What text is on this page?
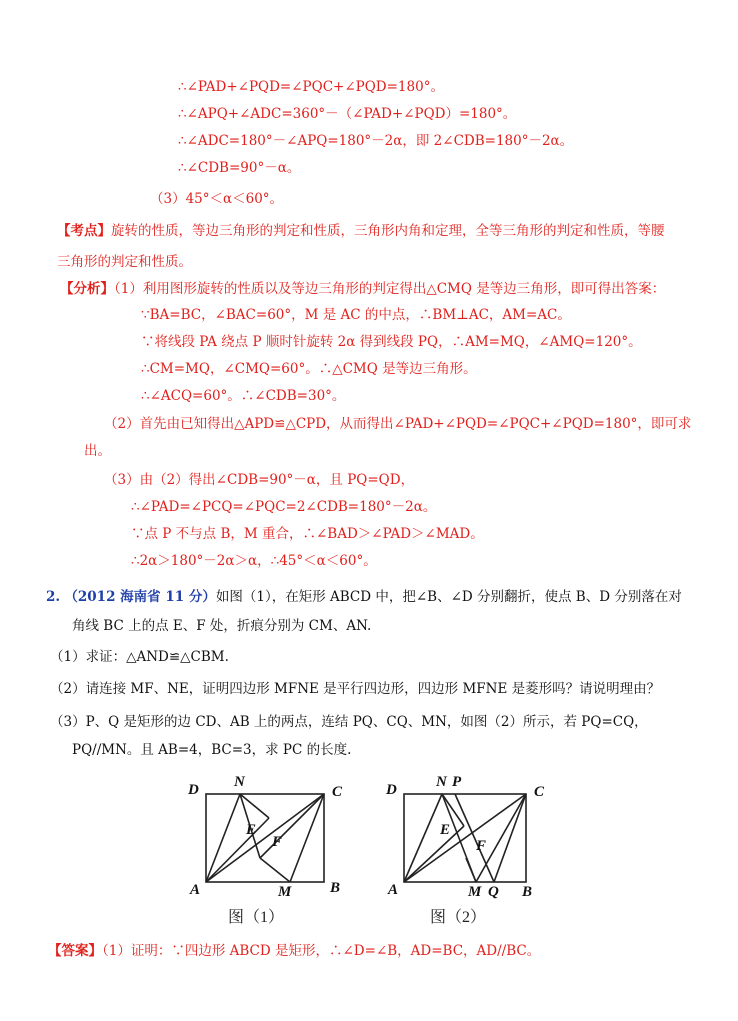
∴∠PAD+∠PQD=∠PQC+∠PQD=180°。
∴∠APQ+∠ADC=360°－（∠PAD+∠PQD）=180°。
∴∠ADC=180°－∠APQ=180°－2α，即 2∠CDB=180°－2α。
∴∠CDB=90°－α。
（3）45°＜α＜60°。
【考点】旋转的性质，等边三角形的判定和性质，三角形内角和定理，全等三角形的判定和性质，等腰
三角形的判定和性质。
【分析】（1）利用图形旋转的性质以及等边三角形的判定得出△CMQ 是等边三角形，即可得出答案：
∵BA=BC，∠BAC=60°，M 是 AC 的中点，∴BM⊥AC，AM=AC。
∵将线段 PA 绕点 P 顺时针旋转 2α 得到线段 PQ，∴AM=MQ，∠AMQ=120°。
∴CM=MQ，∠CMQ=60°。∴△CMQ 是等边三角形。
∴∠ACQ=60°。∴∠CDB=30°。
（2）首先由已知得出△APD≌△CPD，从而得出∠PAD+∠PQD=∠PQC+∠PQD=180°，即可求
出。
（3）由（2）得出∠CDB=90°－α，且 PQ=QD，
∴∠PAD=∠PCQ=∠PQC=2∠CDB=180°－2α。
∵点 P 不与点 B，M 重合，∴∠BAD＞∠PAD＞∠MAD。
∴2α＞180°－2α＞α，∴45°＜α＜60°。
2. （2012 海南省 11 分）如图（1），在矩形 ABCD 中，把∠B、∠D 分别翻折，使点 B、D 分别落在对
角线 BC 上的点 E、F 处，折痕分别为 CM、AN.
（1）求证：△AND≌△CBM.
（2）请连接 MF、NE，证明四边形 MFNE 是平行四边形，四边形 MFNE 是菱形吗？请说明理由？
（3）P、Q 是矩形的边 CD、AB 上的两点，连结 PQ、CQ、MN，如图（2）所示，若 PQ=CQ，
PQ//MN。且 AB=4，BC=3，求 PC 的长度.
D N
C
E
F
A	M	B
图（1）
D	N P
C
E
F
A	M Q B
图（2）
【答案】（1）证明：∵四边形 ABCD 是矩形，∴∠D=∠B，AD=BC，AD//BC。
